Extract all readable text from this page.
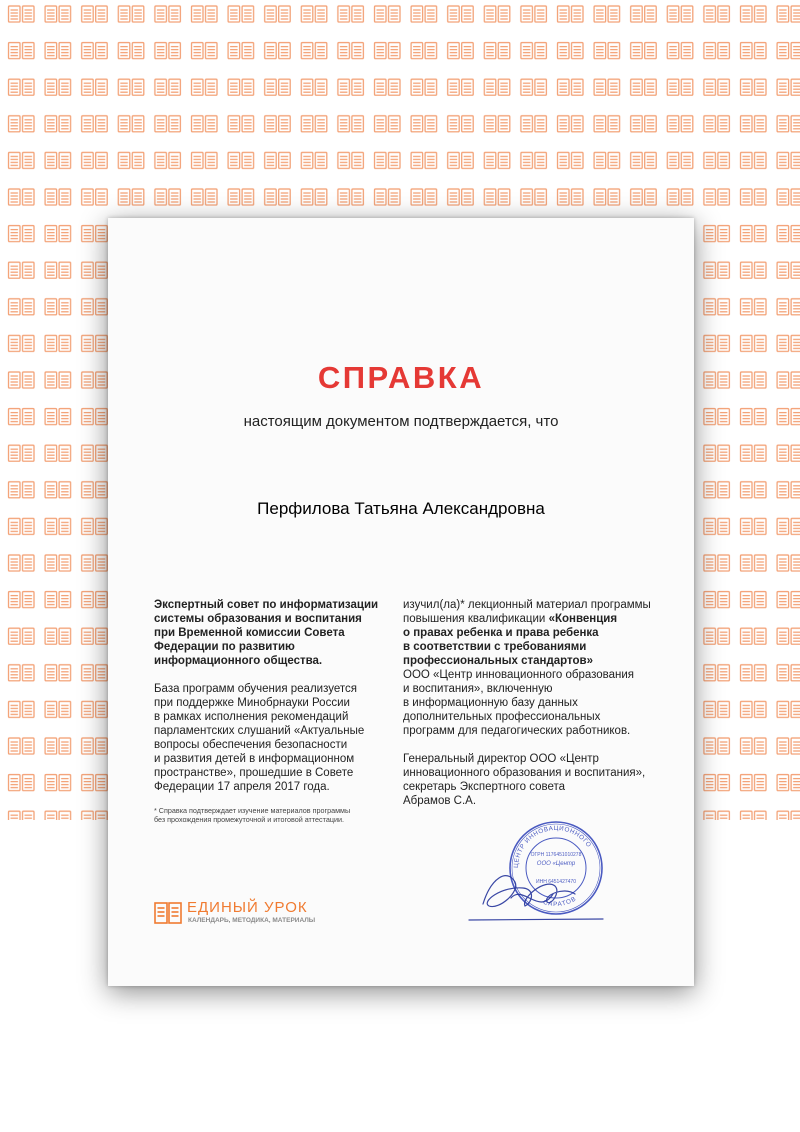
СПРАВКА
настоящим документом подтверждается, что
Перфилова Татьяна Александровна

Экспертный совет по информатизации
системы образования и воспитания
при Временной комиссии Совета
Федерации по развитию
информационного общества.

База программ обучения реализуется
при поддержке Минобрнауки России
в рамках исполнения рекомендаций
парламентских слушаний «Актуальные
вопросы обеспечения безопасности
и развития детей в информационном
пространстве», прошедшие в Совете
Федерации 17 апреля 2017 года.

* Справка подтверждает изучение материалов программы
без прохождения промежуточной и итоговой аттестации.

изучил(ла)* лекционный материал программы
повышения квалификации «Конвенция
о правах ребенка и права ребенка
в соответствии с требованиями
профессиональных стандартов»
ООО «Центр инновационного образования
и воспитания», включенную
в информационную базу данных
дополнительных профессиональных
программ для педагогических работников.

Генеральный директор ООО «Центр
инновационного образования и воспитания»,
секретарь Экспертного совета
Абрамов С.А.

ЕДИНЫЙ УРОК
КАЛЕНДАРЬ, МЕТОДИКА, МАТЕРИАЛЫ
ЦЕНТР ИННОВАЦИОННОГО
САРАТОВ
ОГРН 1176451010278
ООО «Центр
ИНН 6451427470
